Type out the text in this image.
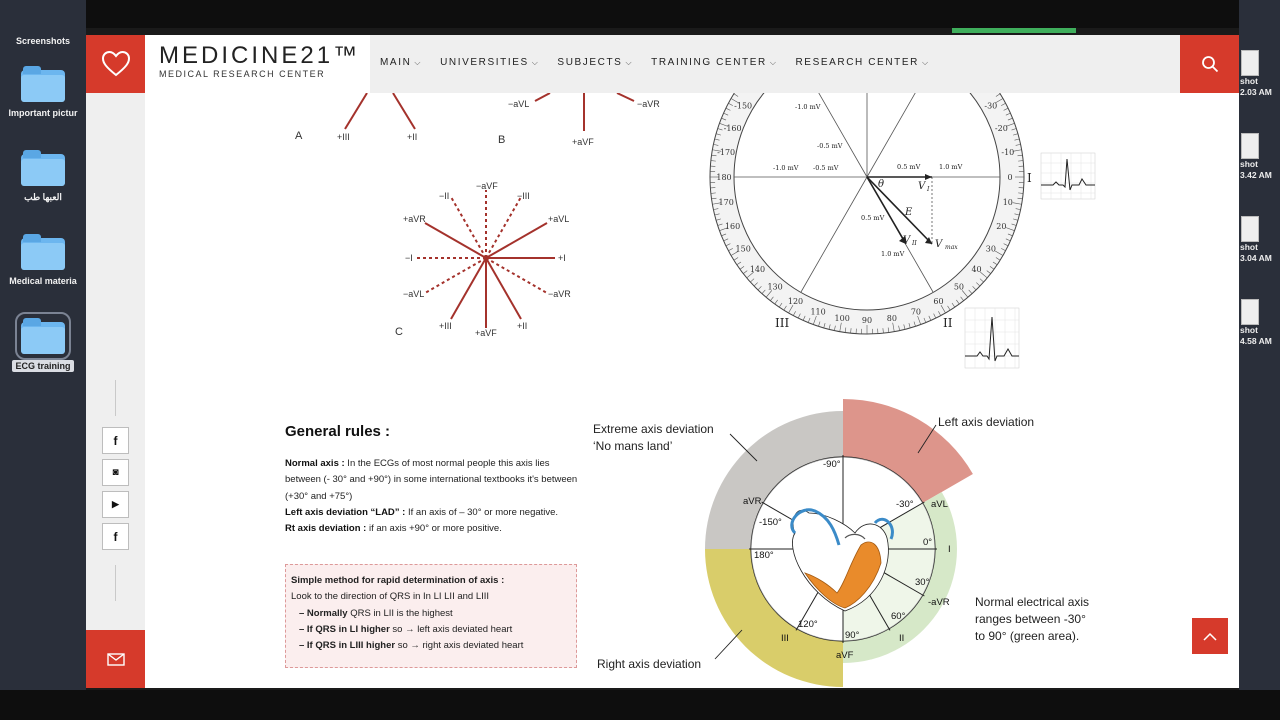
Screenshots
Important pictur
العبها طب
Medical materia
ECG training
shot
2.03 AM
shot
3.42 AM
shot
3.04 AM
shot
4.58 AM
MEDICINE21™
MEDICAL RESEARCH CENTER
MAIN ⌵ UNIVERSITIES ⌵ SUBJECTS ⌵ TRAINING CENTER ⌵ RESEARCH CENTER ⌵
f
◙
▶
f
A	+III	+II	B
−aVL	−aVR
+aVF
−aVF
−II	−III
+aVR	+aVL
−I	+I
−aVL	−aVR
+III
+aVF
+II
C
180
-170
-160
-150	-30
-20
-10
0
10
20
30
40
50
60
70
80
90
100
110
120
130
140
150
160
170
-1.0 mV
-0.5 mV
-1.0 mV -0.5 mV	0.5 mV	1.0 mV
0.5 mV
1.0 mV
θ	V I
E
V II V max
I
II
III
-90°
-30°
-150°
180°
0°
30°
60°
90°
120°
aVR	aVL
I
-aVR
II
III
aVF
Extreme axis deviation
‘No mans land’
Left axis deviation
Right axis deviation
Normal electrical axis
ranges between -30°
to 90° (green area).
General rules :
Normal axis : In the ECGs of most normal people this axis lies between (- 30° and +90°) in some international textbooks it's between (+30° and +75°)
Left axis deviation “LAD” : If an axis of – 30° or more negative.
Rt axis deviation : if an axis +90° or more positive.
Simple method for rapid determination of axis :
Look to the direction of QRS in In LI LII and LIII

– Normally QRS in LII is the highest
– If QRS in LI higher so → left axis deviated heart
– If QRS in LIII higher so → right axis deviated heart
